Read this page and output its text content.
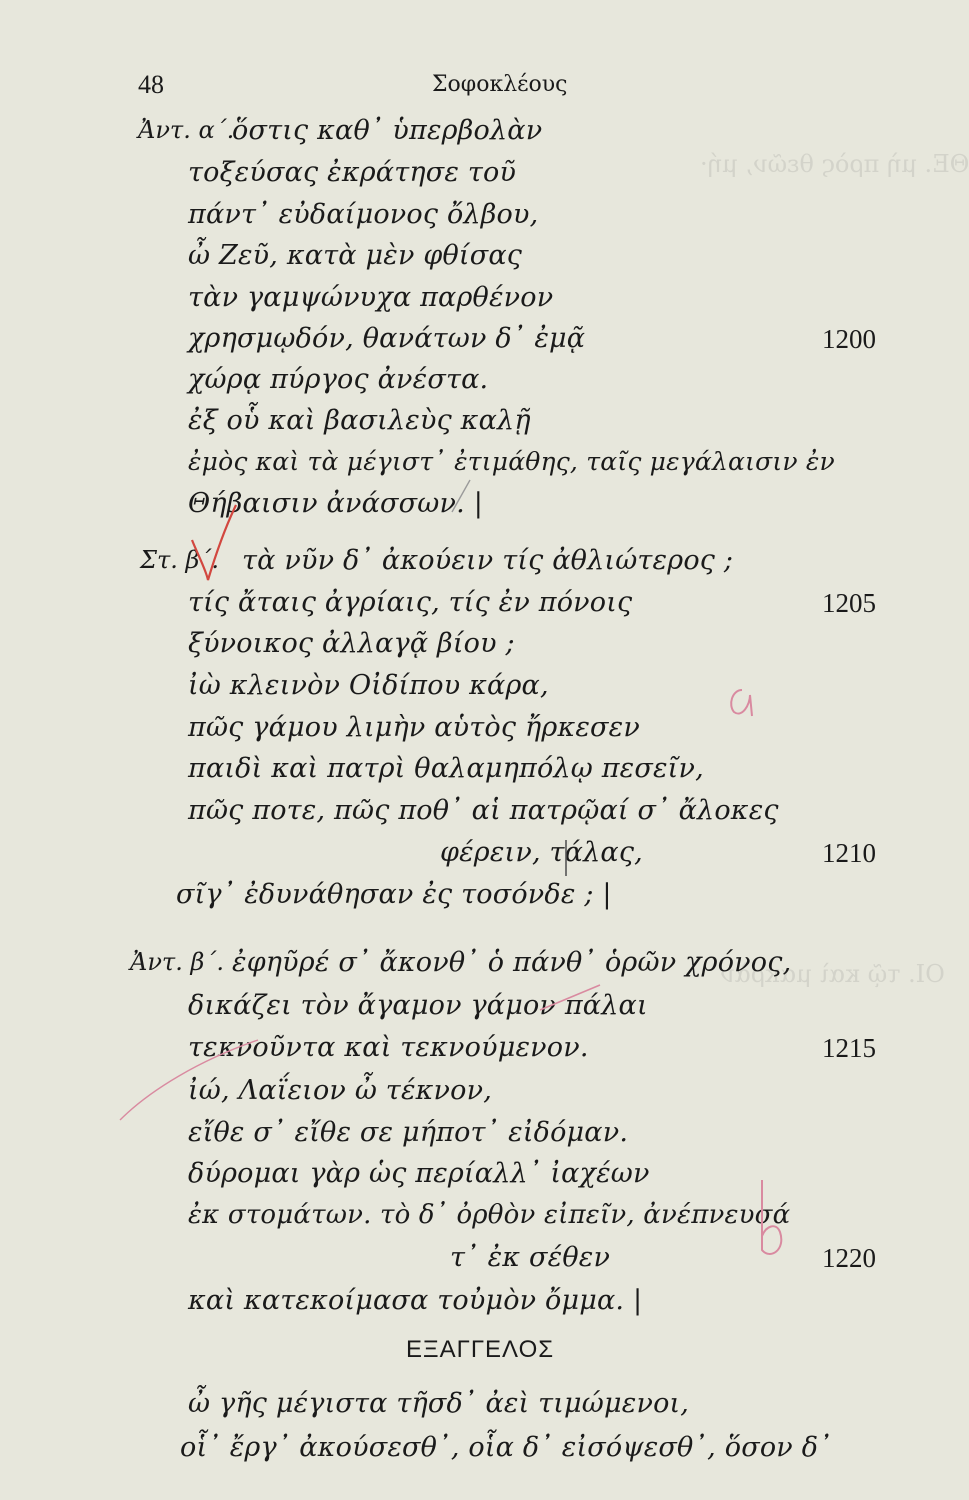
ΘΕ. μὴ πρὸς θεῶν, μή·
ΟΙ. τῷ καὶ μακρὰν
48	Σοφοκλέους
Ἀντ. α΄.
ὅστις καθ᾿ ὑπερβολὰν
τοξεύσας ἐκράτησε τοῦ
πάντ᾿ εὐδαίμονος ὄλβου,
ὦ Ζεῦ, κατὰ μὲν φθίσας
τὰν γαμψώνυχα παρθένον
χρησμῳδόν, θανάτων δ᾿ ἐμᾷ	1200
χώρᾳ πύργος ἀνέστα.
ἐξ οὗ καὶ βασιλεὺς καλῇ
ἐμὸς καὶ τὰ μέγιστ᾿ ἐτιμάθης, ταῖς μεγάλαισιν ἐν
Θήβαισιν ἀνάσσων. |
Στ. β΄. τὰ νῦν δ᾿ ἀκούειν τίς ἀθλιώτερος ;
τίς ἄταις ἀγρίαις, τίς ἐν πόνοις	1205
ξύνοικος ἀλλαγᾷ βίου ;
ἰὼ κλεινὸν Οἰδίπου κάρα,
πῶς γάμου λιμὴν αὑτὸς ἤρκεσεν
παιδὶ καὶ πατρὶ θαλαμηπόλῳ πεσεῖν,
πῶς ποτε, πῶς ποθ᾿ αἱ πατρῷαί σ᾿ ἄλοκες
φέρειν, τάλας,	1210
σῖγ᾿ ἐδυνάθησαν ἐς τοσόνδε ; |
Ἀντ. β΄. ἐφηῦρέ σ᾿ ἄκονθ᾿ ὁ πάνθ᾿ ὁρῶν χρόνος,
δικάζει τὸν ἄγαμον γάμον πάλαι
τεκνοῦντα καὶ τεκνούμενον.	1215
ἰώ, Λαΐειον ὦ τέκνον,
εἴθε σ᾿ εἴθε σε μήποτ᾿ εἰδόμαν.
δύρομαι γὰρ ὡς περίαλλ᾿ ἰαχέων
ἐκ στομάτων. τὸ δ᾿ ὀρθὸν εἰπεῖν, ἀνέπνευσά
τ᾿ ἐκ σέθεν	1220
καὶ κατεκοίμασα τοὐμὸν ὄμμα. |
ΕΞΑΓΓΕΛΟΣ
ὦ γῆς μέγιστα τῆσδ᾿ ἀεὶ τιμώμενοι,
οἷ᾿ ἔργ᾿ ἀκούσεσθ᾿, οἷα δ᾿ εἰσόψεσθ᾿, ὅσον δ᾿
